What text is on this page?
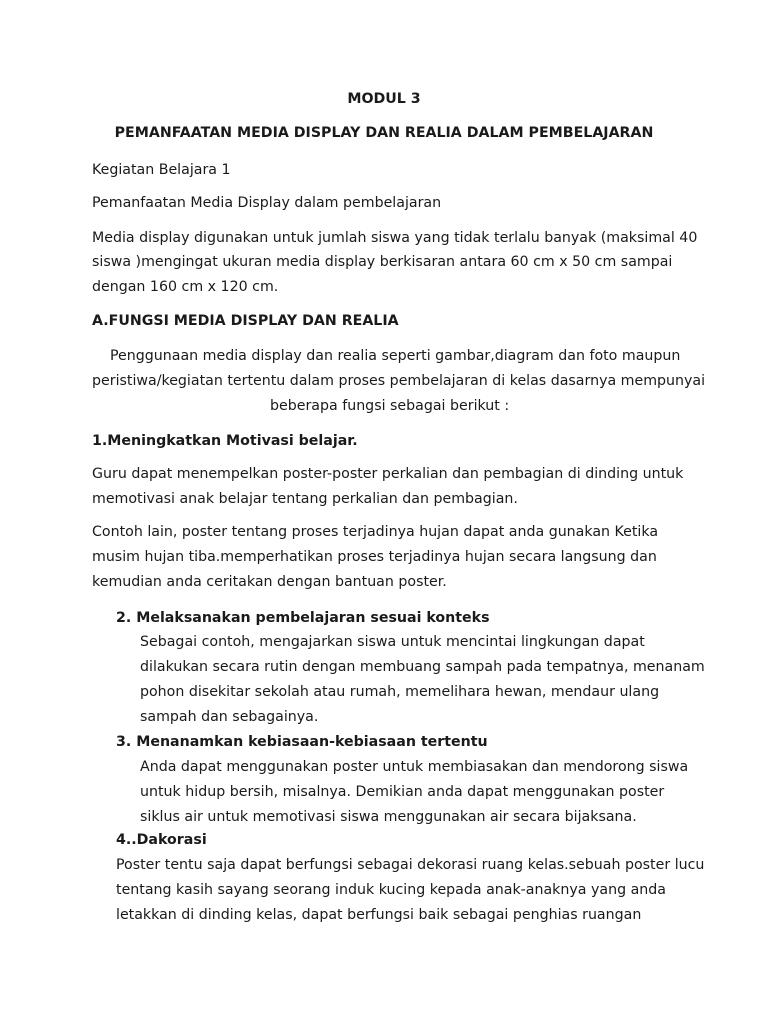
MODUL 3
PEMANFAATAN MEDIA DISPLAY DAN REALIA DALAM PEMBELAJARAN
Kegiatan Belajara 1
Pemanfaatan Media Display dalam pembelajaran
Media display digunakan untuk jumlah siswa yang tidak terlalu banyak (maksimal 40
siswa )mengingat ukuran media display berkisaran antara 60 cm x 50 cm sampai
dengan 160 cm x 120 cm.
A.FUNGSI MEDIA DISPLAY DAN REALIA
Penggunaan media display dan realia seperti gambar,diagram dan foto maupun
peristiwa/kegiatan tertentu dalam proses pembelajaran di kelas dasarnya mempunyai
beberapa fungsi sebagai berikut :
1.Meningkatkan Motivasi belajar.
Guru dapat menempelkan poster-poster perkalian dan pembagian di dinding untuk
memotivasi anak belajar tentang perkalian dan pembagian.
Contoh lain, poster tentang proses terjadinya hujan dapat anda gunakan Ketika
musim hujan tiba.memperhatikan proses terjadinya hujan secara langsung dan
kemudian anda ceritakan dengan bantuan poster.
2. Melaksanakan pembelajaran sesuai konteks
Sebagai contoh, mengajarkan siswa untuk mencintai lingkungan dapat
dilakukan secara rutin dengan membuang sampah pada tempatnya, menanam
pohon disekitar sekolah atau rumah, memelihara hewan, mendaur ulang
sampah dan sebagainya.
3. Menanamkan kebiasaan-kebiasaan tertentu
Anda dapat menggunakan poster untuk membiasakan dan mendorong siswa
untuk hidup bersih, misalnya. Demikian anda dapat menggunakan poster
siklus air untuk memotivasi siswa menggunakan air secara bijaksana.
4..Dakorasi
Poster tentu saja dapat berfungsi sebagai dekorasi ruang kelas.sebuah poster lucu
tentang kasih sayang seorang induk kucing kepada anak-anaknya yang anda
letakkan di dinding kelas, dapat berfungsi baik sebagai penghias ruangan
